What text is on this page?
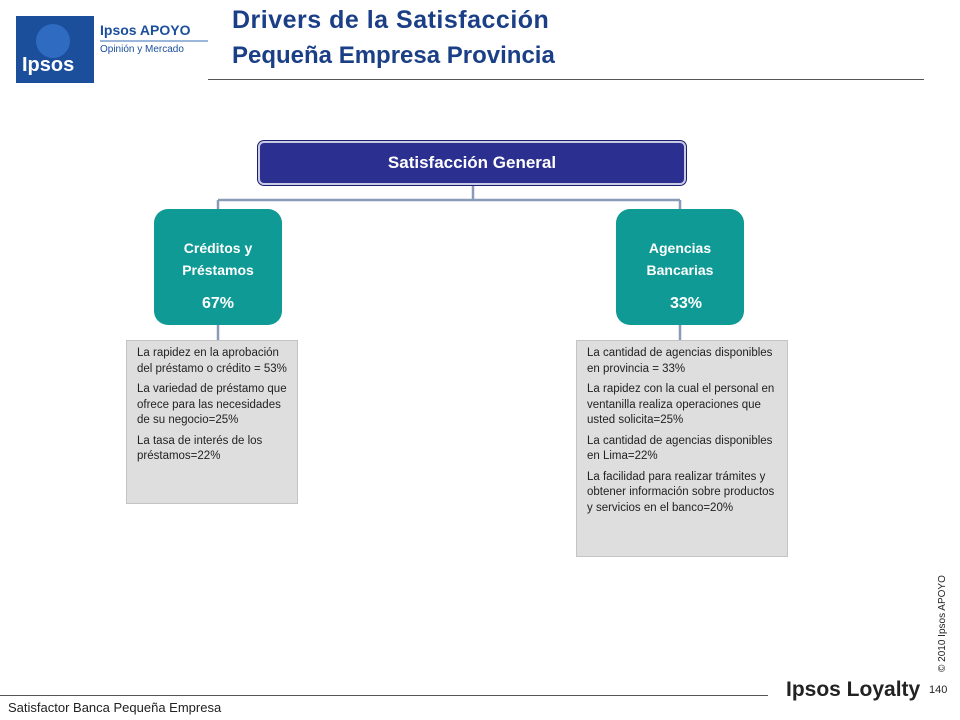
Ipsos
Ipsos APOYO
Opinión y Mercado
Drivers de la Satisfacción
Pequeña Empresa Provincia
Satisfacción General
Créditos y Préstamos
67%

La rapidez en la aprobación del préstamo o crédito = 53%

La variedad de préstamo que ofrece para las necesidades de su negocio=25%

La tasa de interés de los préstamos=22%

Agencias Bancarias
33%

La cantidad de agencias disponibles en provincia = 33%

La rapidez con la cual el personal en ventanilla realiza operaciones que usted solicita=25%

La cantidad de agencias disponibles en Lima=22%

La facilidad para realizar trámites y obtener información sobre productos y servicios en el banco=20%

Satisfactor Banca Pequeña Empresa
Ipsos Loyalty 140
© 2010 Ipsos APOYO
